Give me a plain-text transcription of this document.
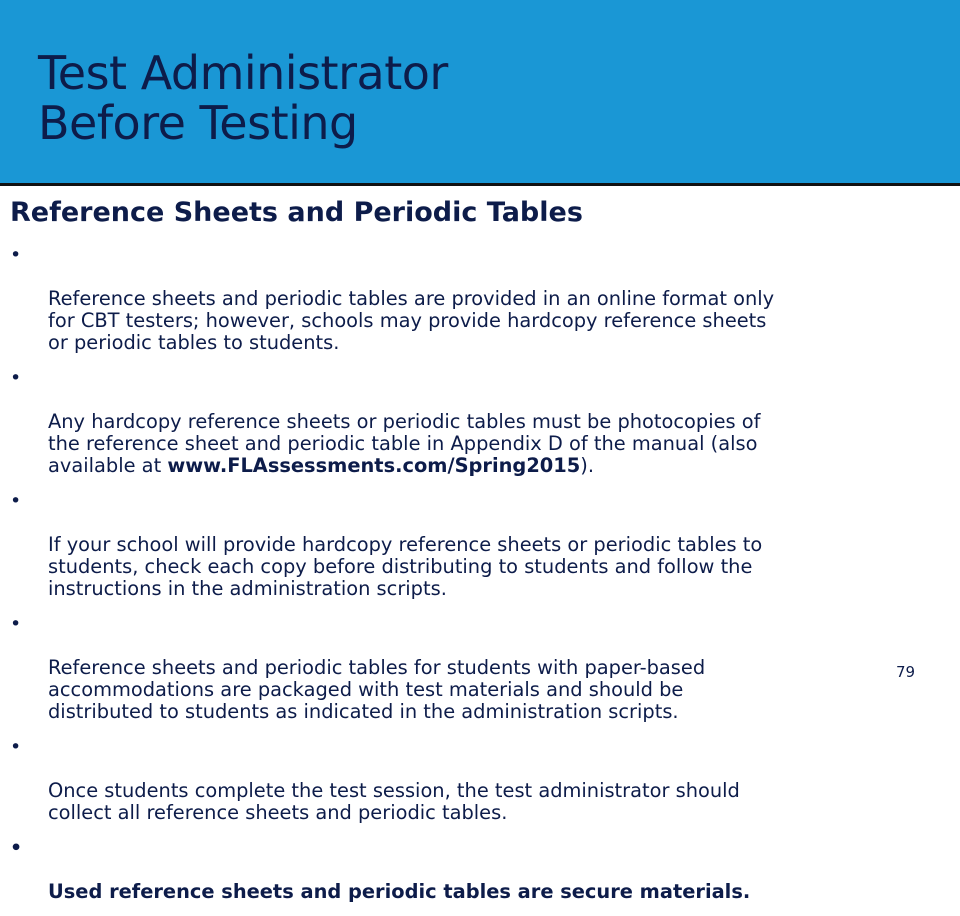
Test Administrator
Before Testing
Reference Sheets and Periodic Tables

•

Reference sheets and periodic tables are provided in an online format only
for CBT testers; however, schools may provide hardcopy reference sheets
or periodic tables to students.

•

Any hardcopy reference sheets or periodic tables must be photocopies of
the reference sheet and periodic table in Appendix D of the manual (also
available at www.FLAssessments.com/Spring2015).

•

If your school will provide hardcopy reference sheets or periodic tables to
students, check each copy before distributing to students and follow the
instructions in the administration scripts.

•

Reference sheets and periodic tables for students with paper-based
accommodations are packaged with test materials and should be
distributed to students as indicated in the administration scripts.

•

Once students complete the test session, the test administrator should
collect all reference sheets and periodic tables.

•

Used reference sheets and periodic tables are secure materials.

79
